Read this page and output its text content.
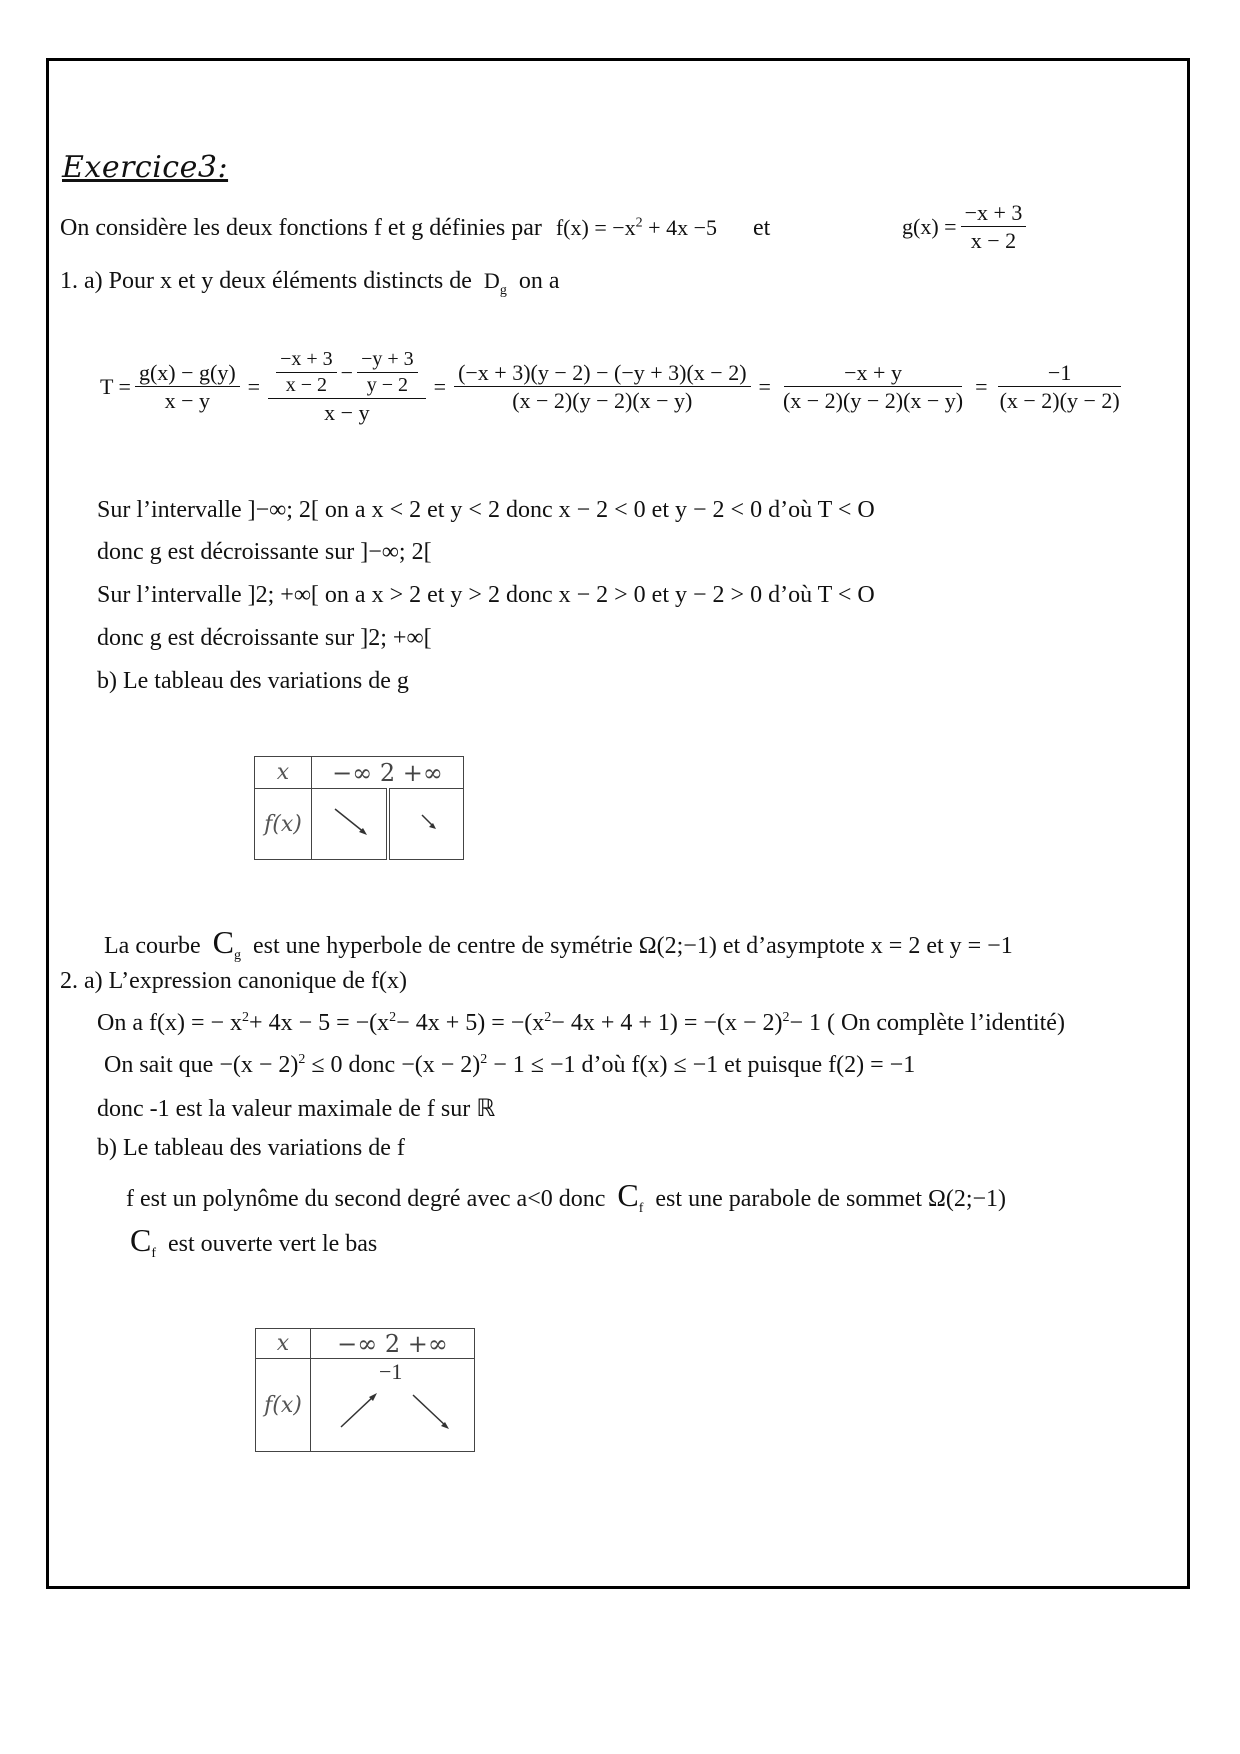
Exercice3:
On considère les deux fonctions f et g définies par $f(x) = -x^2 + 4x -5$ et	$g(x) = \frac{-x + 3}{x - 2}$
1. a) Pour x et y deux éléments distincts de $D_g$ on a
$T = \frac{g(x) - g(y)}{x - y} = \frac{\frac{-x + 3}{x - 2} - \frac{-y + 3}{y - 2}}{x - y} = \frac{(-x + 3)(y - 2) - (-y + 3)(x - 2)}{(x - 2)(y - 2)(x - y)} = \frac{-x + y}{(x - 2)(y - 2)(x - y)} = \frac{-1}{(x - 2)(y - 2)}$
Sur l’intervalle ]−∞; 2[ on a x < 2 et y < 2 donc x − 2 < 0 et y − 2 < 0 d’où T < O
donc g est décroissante sur ]−∞; 2[
Sur l’intervalle ]2; +∞[ on a x > 2 et y > 2 donc x − 2 > 0 et y − 2 > 0 d’où T < O
donc g est décroissante sur ]2; +∞[
b) Le tableau des variations de g
x	−∞ 2 +∞	
f(x)		
La courbe $C_g$ est une hyperbole de centre de symétrie Ω(2;−1) et d’asymptote x = 2 et y = −1
2. a) L’expression canonique de f(x)
On a f(x) = − $x^2+ 4x - 5 = -(x^2- 4x + 5) = -(x^2- 4x + 4 + 1) = -(x - 2)^2- 1$ ( On complète l’identité)
On sait que $-(x - 2)^2 \le 0$ donc $-(x - 2)^2 - 1 \le -1$ d’où f(x) ≤ −1 et puisque f(2) = −1
donc -1 est la valeur maximale de f sur ℝ
b) Le tableau des variations de f
f est un polynôme du second degré avec a<0 donc $C_f$ est une parabole de sommet Ω(2;−1)
$C_f$ est ouverte vert le bas
x	−∞ 2 +∞
f(x)	−1
